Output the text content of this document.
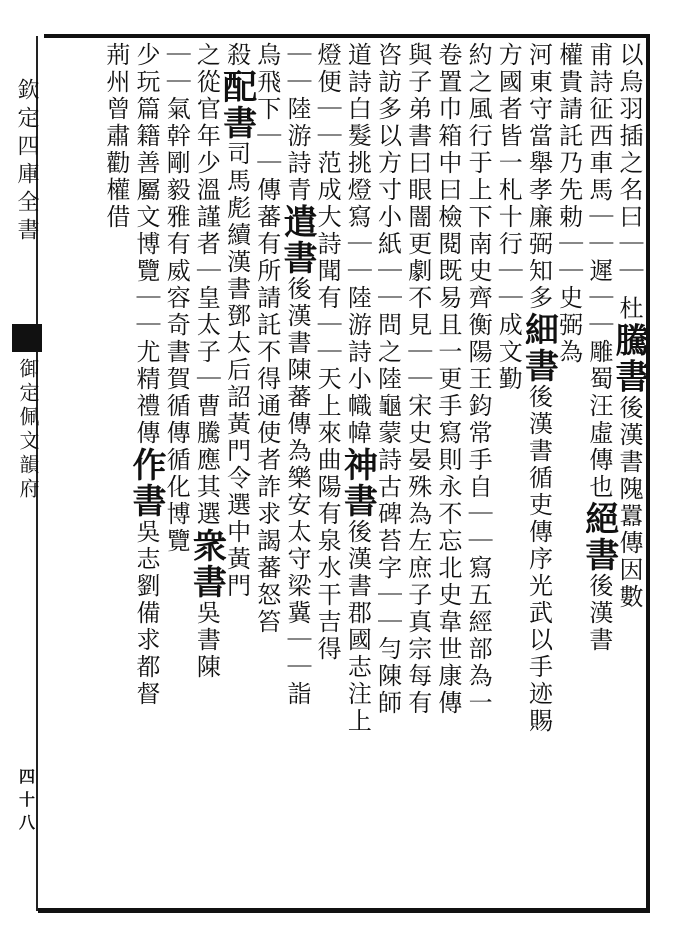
欽定四庫全書
御定佩文韻府
四十八
以烏羽插之名曰｜｜ 杜騰書後漢書隗囂傳因數
甫詩征西車馬｜｜遲｜｜雕蜀汪虛傳也絕書後漢書
權貴請託乃先勅｜｜史弼為
河東守當舉孝廉弼知多細書後漢書循吏傳序光武以手迹賜
方國者皆一札十行｜｜成文勤
約之風行于上下南史齊衡陽王鈞常手自｜｜寫五經部為一
卷置巾箱中曰檢閱既易且一更手寫則永不忘北史韋世康傳
與子弟書曰眼闇更劇不見｜｜宋史晏殊為左庶子真宗每有
咨訪多以方寸小紙｜｜問之陸龜蒙詩古碑苔字｜｜勻陳師
道詩白髮挑燈寫｜｜陸游詩小幟幃神書後漢書郡國志注上
燈便｜｜范成大詩聞有｜｜天上來曲陽有泉水干吉得
｜｜陸游詩青遣書後漢書陳蕃傳為樂安太守梁冀｜｜詣
烏飛下｜｜傳蕃有所請託不得通使者詐求謁蕃怒笞
殺配書司馬彪續漢書鄧太后詔黃門令選中黃門
之從官年少溫謹者｜皇太子｜曹騰應其選衆書吳書陳
｜｜氣幹剛毅雅有威容奇書賀循傳循化博覽
少玩篇籍善屬文博覽｜｜尤精禮傳作書吳志劉備求都督
荊州曾肅勸權借
